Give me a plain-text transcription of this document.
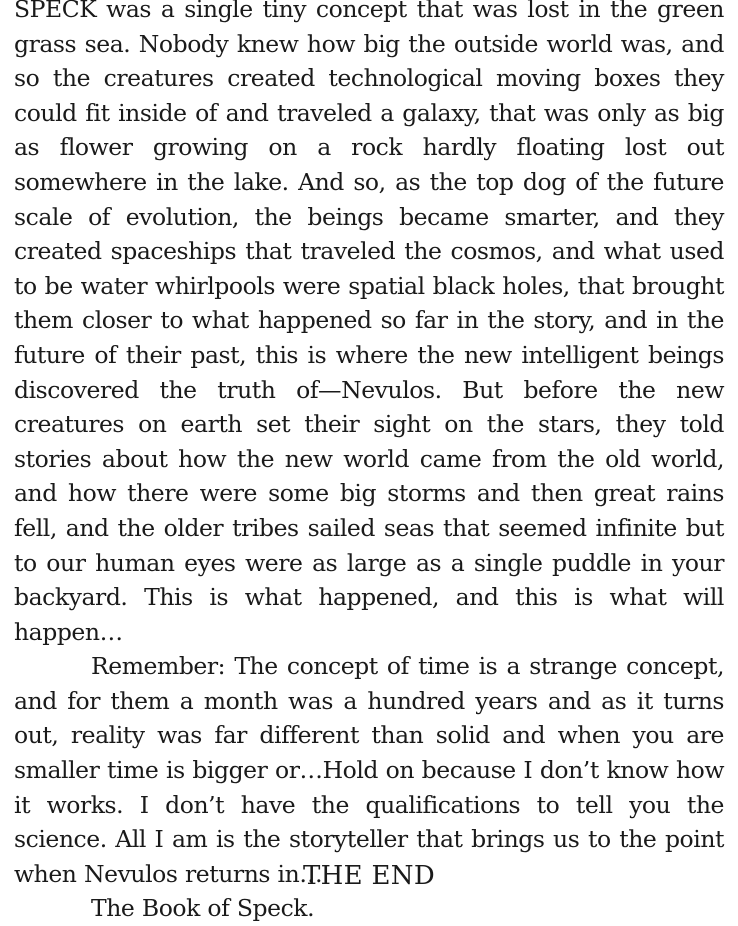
SPECK was a single tiny concept that was lost in the green grass sea. Nobody knew how big the outside world was, and so the creatures created technological moving boxes they could fit inside of and traveled a galaxy, that was only as big as flower growing on a rock hardly floating lost out somewhere in the lake. And so, as the top dog of the future scale of evolution, the beings became smarter, and they created spaceships that traveled the cosmos, and what used to be water whirlpools were spatial black holes, that brought them closer to what happened so far in the story, and in the future of their past, this is where the new intelligent beings discovered the truth of—Nevulos. But before the new creatures on earth set their sight on the stars, they told stories about how the new world came from the old world, and how there were some big storms and then great rains fell, and the older tribes sailed seas that seemed infinite but to our human eyes were as large as a single puddle in your backyard. This is what happened, and this is what will happen…

Remember: The concept of time is a strange concept, and for them a month was a hundred years and as it turns out, reality was far different than solid and when you are smaller time is bigger or…Hold on because I don’t know how it works. I don’t have the qualifications to tell you the science. All I am is the storyteller that brings us to the point when Nevulos returns in…

The Book of Speck.

THE END
